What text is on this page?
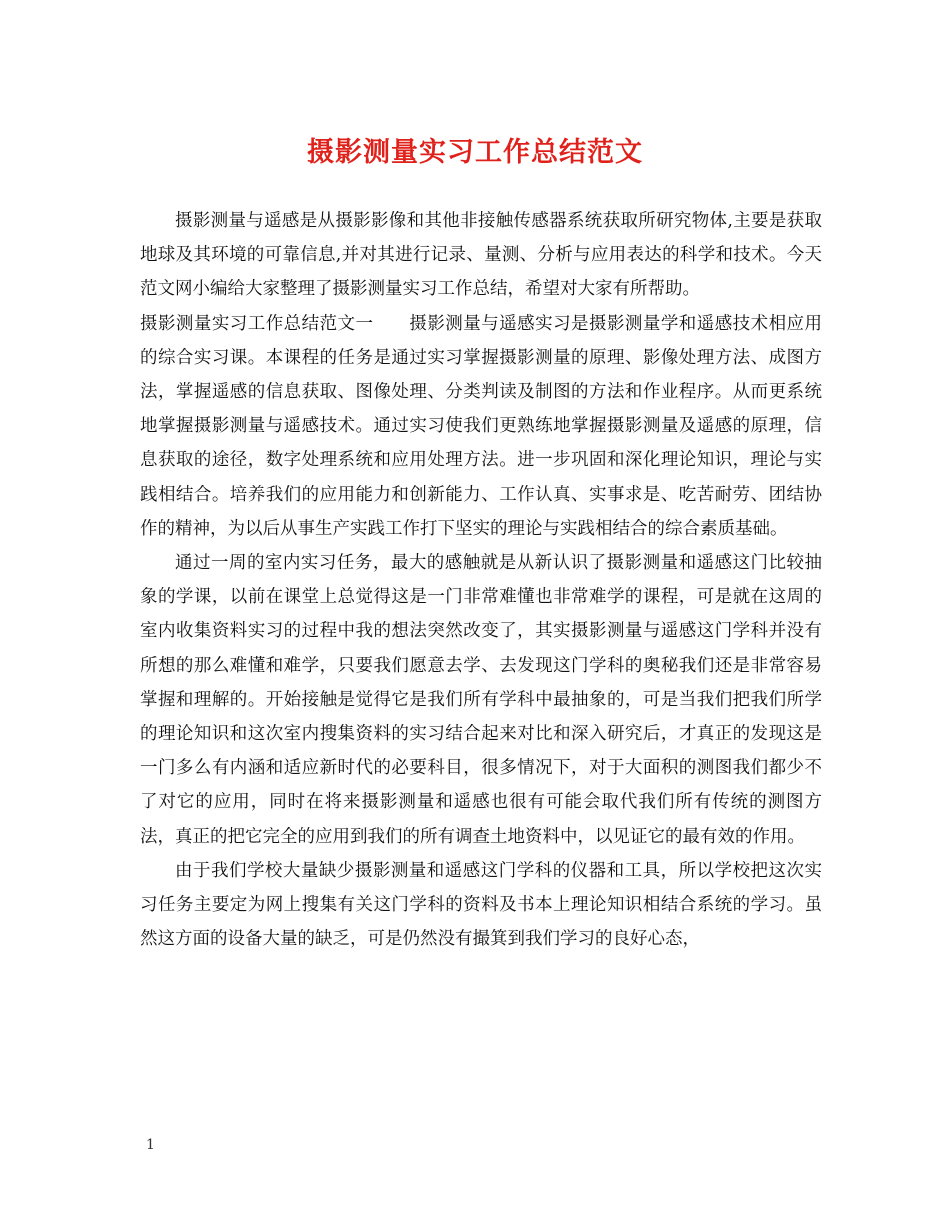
摄影测量实习工作总结范文

摄影测量与遥感是从摄影影像和其他非接触传感器系统获取所研究物体,主要是获取地球及其环境的可靠信息,并对其进行记录、量测、分析与应用表达的科学和技术。今天范文网小编给大家整理了摄影测量实习工作总结，希望对大家有所帮助。

摄影测量实习工作总结范文一　　摄影测量与遥感实习是摄影测量学和遥感技术相应用的综合实习课。本课程的任务是通过实习掌握摄影测量的原理、影像处理方法、成图方法，掌握遥感的信息获取、图像处理、分类判读及制图的方法和作业程序。从而更系统地掌握摄影测量与遥感技术。通过实习使我们更熟练地掌握摄影测量及遥感的原理，信息获取的途径，数字处理系统和应用处理方法。进一步巩固和深化理论知识，理论与实践相结合。培养我们的应用能力和创新能力、工作认真、实事求是、吃苦耐劳、团结协作的精神，为以后从事生产实践工作打下坚实的理论与实践相结合的综合素质基础。

通过一周的室内实习任务，最大的感触就是从新认识了摄影测量和遥感这门比较抽象的学课，以前在课堂上总觉得这是一门非常难懂也非常难学的课程，可是就在这周的室内收集资料实习的过程中我的想法突然改变了，其实摄影测量与遥感这门学科并没有所想的那么难懂和难学，只要我们愿意去学、去发现这门学科的奥秘我们还是非常容易掌握和理解的。开始接触是觉得它是我们所有学科中最抽象的，可是当我们把我们所学的理论知识和这次室内搜集资料的实习结合起来对比和深入研究后，才真正的发现这是一门多么有内涵和适应新时代的必要科目，很多情况下，对于大面积的测图我们都少不了对它的应用，同时在将来摄影测量和遥感也很有可能会取代我们所有传统的测图方法，真正的把它完全的应用到我们的所有调查土地资料中，以见证它的最有效的作用。

由于我们学校大量缺少摄影测量和遥感这门学科的仪器和工具，所以学校把这次实习任务主要定为网上搜集有关这门学科的资料及书本上理论知识相结合系统的学习。虽然这方面的设备大量的缺乏，可是仍然没有撮箕到我们学习的良好心态，

1
